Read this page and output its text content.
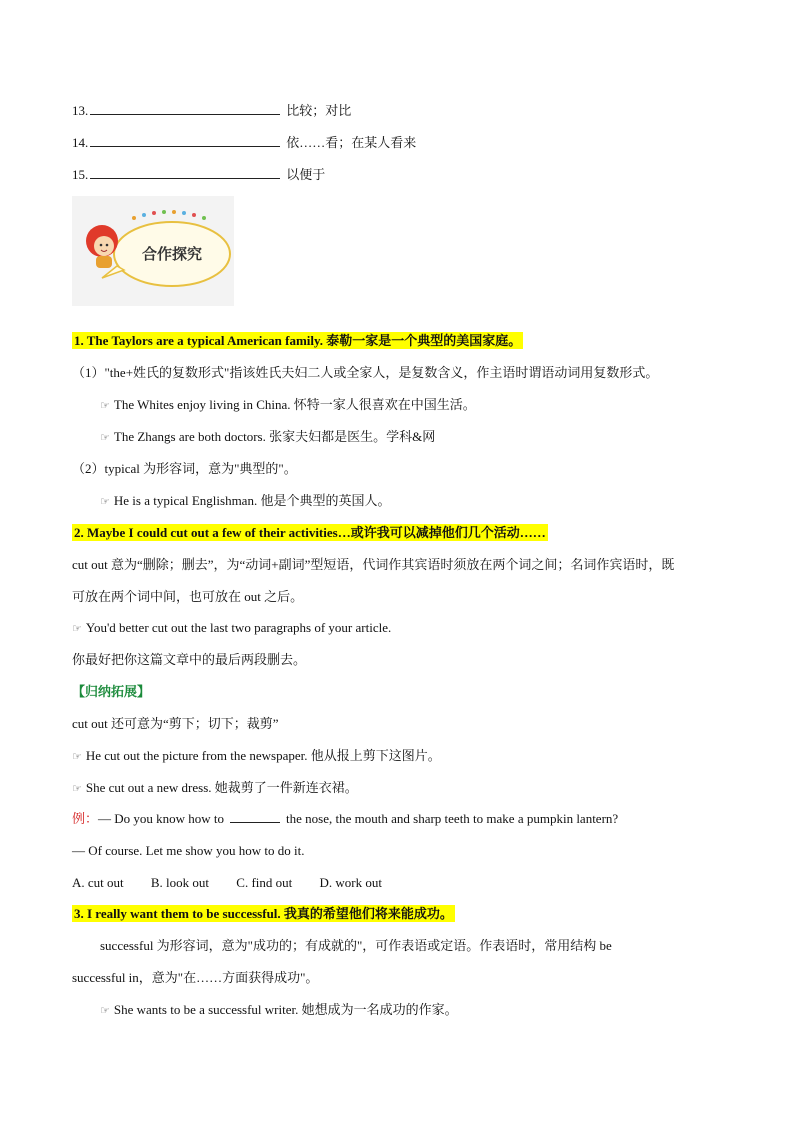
13.	比较；对比
14.	依……看；在某人看来
15.	以便于
合作探究
1. The Taylors are a typical American family. 泰勒一家是一个典型的美国家庭。
（1）"the+姓氏的复数形式"指该姓氏夫妇二人或全家人，是复数含义，作主语时谓语动词用复数形式。
☞ The Whites enjoy living in China. 怀特一家人很喜欢在中国生活。
☞ The Zhangs are both doctors. 张家夫妇都是医生。学科&网
（2）typical 为形容词，意为"典型的"。
☞ He is a typical Englishman. 他是个典型的英国人。
2. Maybe I could cut out a few of their activities…或许我可以减掉他们几个活动……
cut out 意为“删除；删去”，为“动词+副词”型短语，代词作其宾语时须放在两个词之间；名词作宾语时，既
可放在两个词中间，也可放在 out 之后。
☞ You'd better cut out the last two paragraphs of your article.
你最好把你这篇文章中的最后两段删去。
【归纳拓展】
cut out 还可意为“剪下；切下；裁剪”
☞ He cut out the picture from the newspaper. 他从报上剪下这图片。
☞ She cut out a new dress. 她裁剪了一件新连衣裙。
例：— Do you know how to	the nose, the mouth and sharp teeth to make a pumpkin lantern?
— Of course. Let me show you how to do it.
A. cut out B. look out C. find out D. work out
3. I really want them to be successful. 我真的希望他们将来能成功。
successful 为形容词，意为"成功的；有成就的"，可作表语或定语。作表语时，常用结构 be
successful in，意为"在……方面获得成功"。
☞ She wants to be a successful writer. 她想成为一名成功的作家。
